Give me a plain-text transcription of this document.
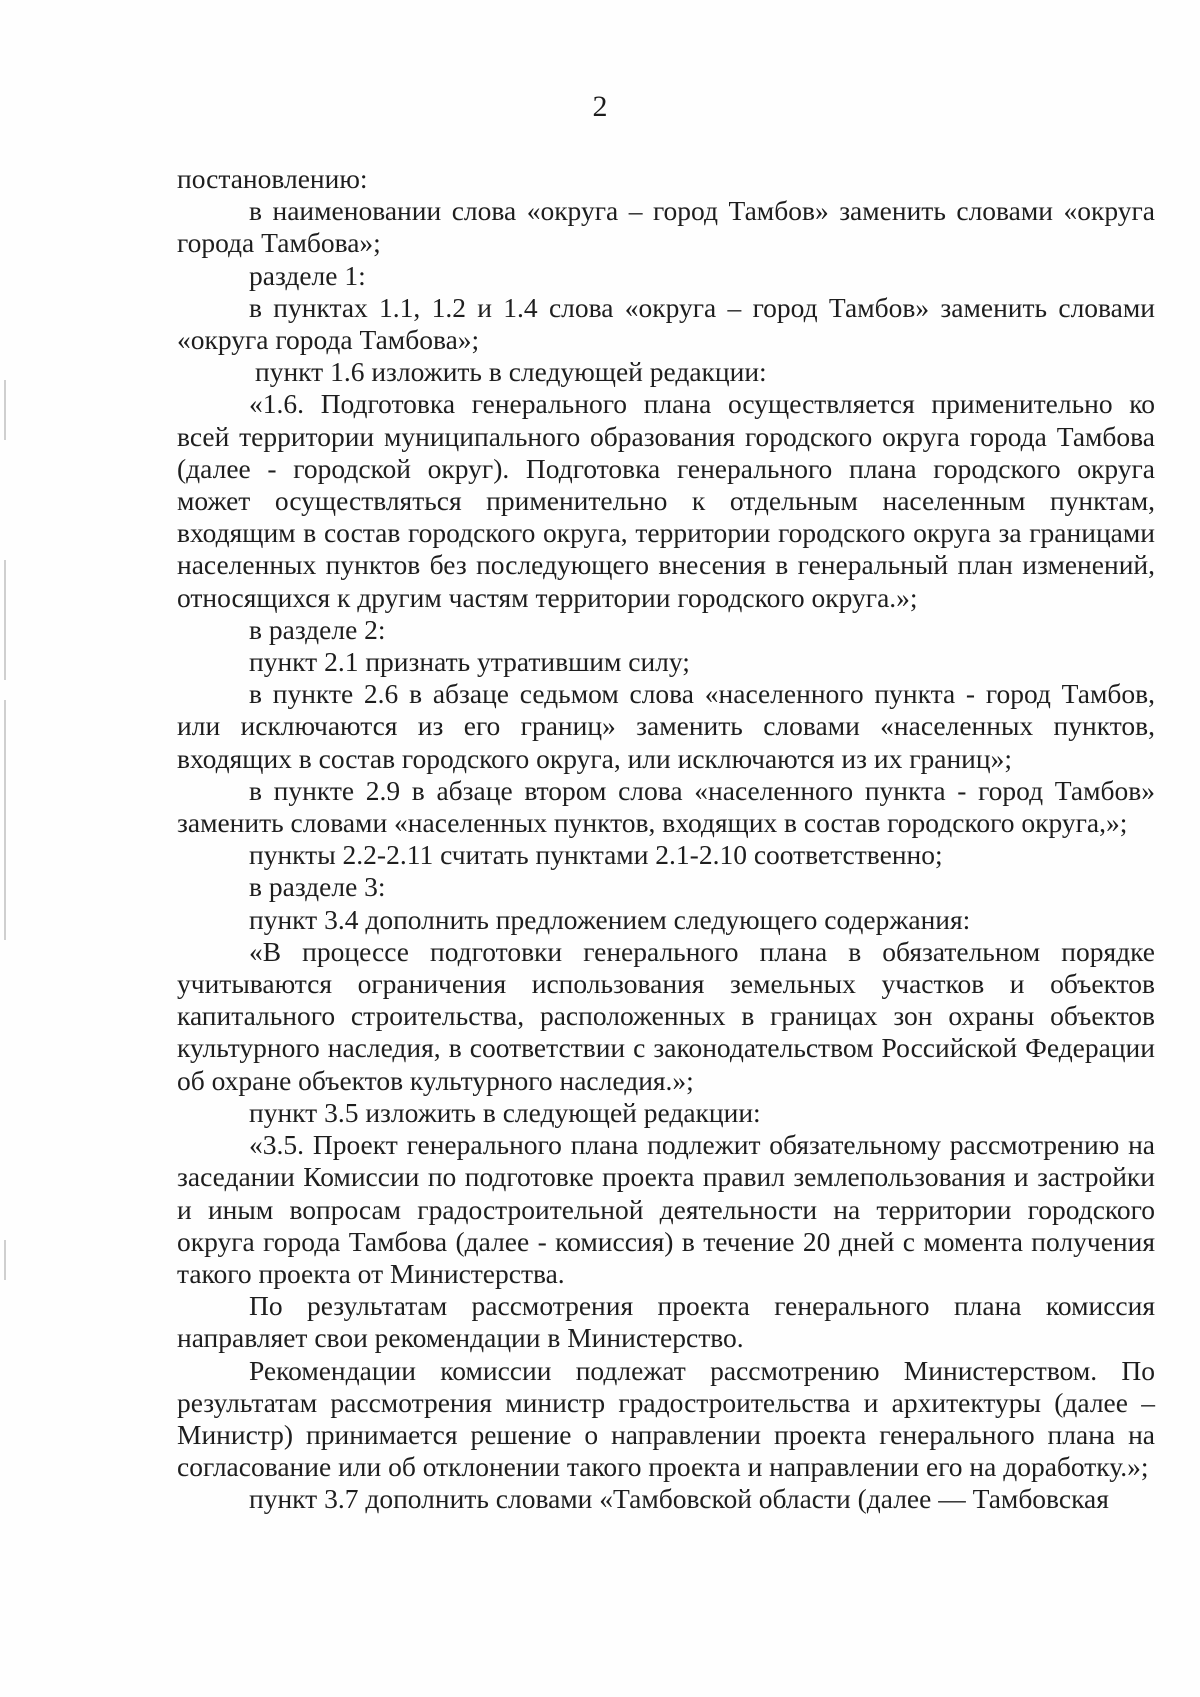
2

постановлению:

в наименовании слова «округа – город Тамбов» заменить словами «округа города Тамбова»;

разделе 1:

в пунктах 1.1, 1.2 и 1.4 слова «округа – город Тамбов» заменить словами «округа города Тамбова»;

пункт 1.6 изложить в следующей редакции:

«1.6. Подготовка генерального плана осуществляется применительно ко всей территории муниципального образования городского округа города Тамбова (далее - городской округ). Подготовка генерального плана городского округа может осуществляться применительно к отдельным населенным пунктам, входящим в состав городского округа, территории городского округа за границами населенных пунктов без последующего внесения в генеральный план изменений, относящихся к другим частям территории городского округа.»;

в разделе 2:

пункт 2.1 признать утратившим силу;

в пункте 2.6 в абзаце седьмом слова «населенного пункта - город Тамбов, или исключаются из его границ» заменить словами «населенных пунктов, входящих в состав городского округа, или исключаются из их границ»;

в пункте 2.9 в абзаце втором слова «населенного пункта - город Тамбов» заменить словами «населенных пунктов, входящих в состав городского округа,»;

пункты 2.2-2.11 считать пунктами 2.1-2.10 соответственно;

в разделе 3:

пункт 3.4 дополнить предложением следующего содержания:

«В процессе подготовки генерального плана в обязательном порядке учитываются ограничения использования земельных участков и объектов капитального строительства, расположенных в границах зон охраны объектов культурного наследия, в соответствии с законодательством Российской Федерации об охране объектов культурного наследия.»;

пункт 3.5 изложить в следующей редакции:

«3.5. Проект генерального плана подлежит обязательному рассмотрению на заседании Комиссии по подготовке проекта правил землепользования и застройки и иным вопросам градостроительной деятельности на территории городского округа города Тамбова (далее - комиссия) в течение 20 дней с момента получения такого проекта от Министерства.

По результатам рассмотрения проекта генерального плана комиссия направляет свои рекомендации в Министерство.

Рекомендации комиссии подлежат рассмотрению Министерством. По результатам рассмотрения министр градостроительства и архитектуры (далее – Министр) принимается решение о направлении проекта генерального плана на согласование или об отклонении такого проекта и направлении его на доработку.»;

пункт 3.7 дополнить словами «Тамбовской области (далее — Тамбовская
